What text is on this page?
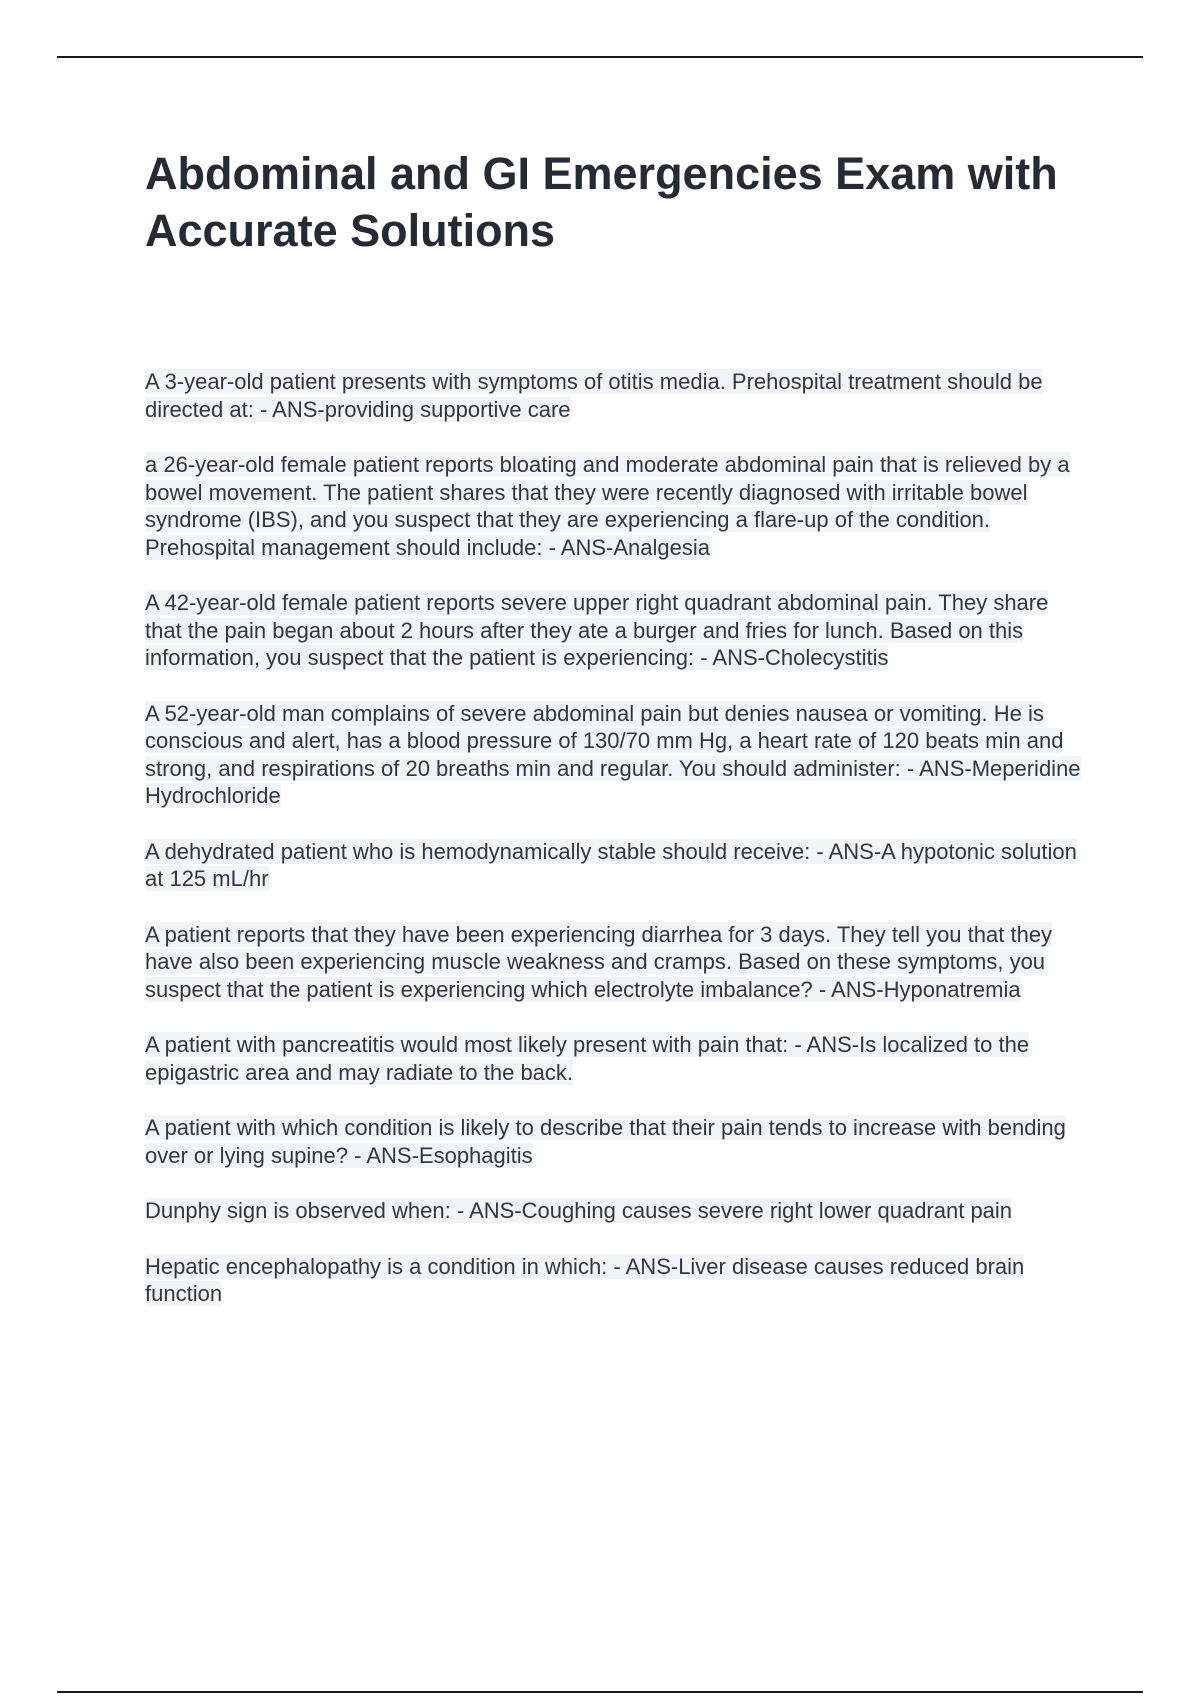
Abdominal and GI Emergencies Exam with Accurate Solutions

A 3-year-old patient presents with symptoms of otitis media. Prehospital treatment should be directed at: - ANS-providing supportive care

a 26-year-old female patient reports bloating and moderate abdominal pain that is relieved by a bowel movement. The patient shares that they were recently diagnosed with irritable bowel syndrome (IBS), and you suspect that they are experiencing a flare-up of the condition. Prehospital management should include: - ANS-Analgesia

A 42-year-old female patient reports severe upper right quadrant abdominal pain. They share that the pain began about 2 hours after they ate a burger and fries for lunch. Based on this information, you suspect that the patient is experiencing: - ANS-Cholecystitis

A 52-year-old man complains of severe abdominal pain but denies nausea or vomiting. He is conscious and alert, has a blood pressure of 130/70 mm Hg, a heart rate of 120 beats min and strong, and respirations of 20 breaths min and regular. You should administer: - ANS-Meperidine Hydrochloride

A dehydrated patient who is hemodynamically stable should receive: - ANS-A hypotonic solution at 125 mL/hr

A patient reports that they have been experiencing diarrhea for 3 days. They tell you that they have also been experiencing muscle weakness and cramps. Based on these symptoms, you suspect that the patient is experiencing which electrolyte imbalance? - ANS-Hyponatremia

A patient with pancreatitis would most likely present with pain that: - ANS-Is localized to the epigastric area and may radiate to the back.

A patient with which condition is likely to describe that their pain tends to increase with bending over or lying supine? - ANS-Esophagitis

Dunphy sign is observed when: - ANS-Coughing causes severe right lower quadrant pain

Hepatic encephalopathy is a condition in which: - ANS-Liver disease causes reduced brain function
